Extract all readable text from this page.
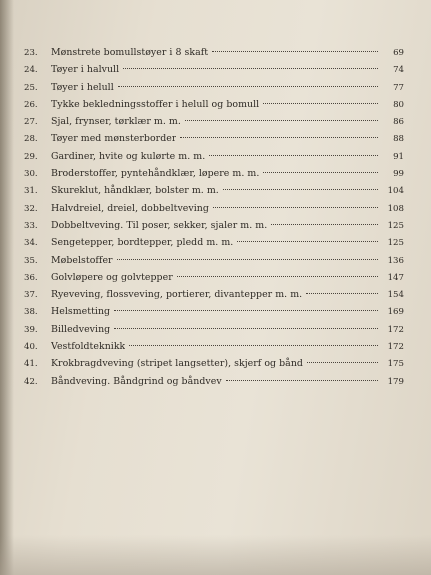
23.	Mønstrete bomullstøyer i 8 skaft	69
24.	Tøyer i halvull	74
25.	Tøyer i helull	77
26.	Tykke bekledningsstoffer i helull og bomull	80
27.	Sjal, frynser, tørklær m. m.	86
28.	Tøyer med mønsterborder	88
29.	Gardiner, hvite og kulørte m. m.	91
30.	Broderstoffer, pyntehåndklær, løpere m. m.	99
31.	Skureklut, håndklær, bolster m. m.	104
32.	Halvdreiel, dreiel, dobbeltveving	108
33.	Dobbeltveving. Til poser, sekker, sjaler m. m.	125
34.	Sengetepper, bordtepper, pledd m. m.	125
35.	Møbelstoffer	136
36.	Golvløpere og golvtepper	147
37.	Ryeveving, flossveving, portierer, divantepper m. m.	154
38.	Helsmetting	169
39.	Billedveving	172
40.	Vestfoldteknikk	172
41.	Krokbragdveving (stripet langsetter), skjerf og bånd	175
42.	Båndveving. Båndgrind og båndvev	179
